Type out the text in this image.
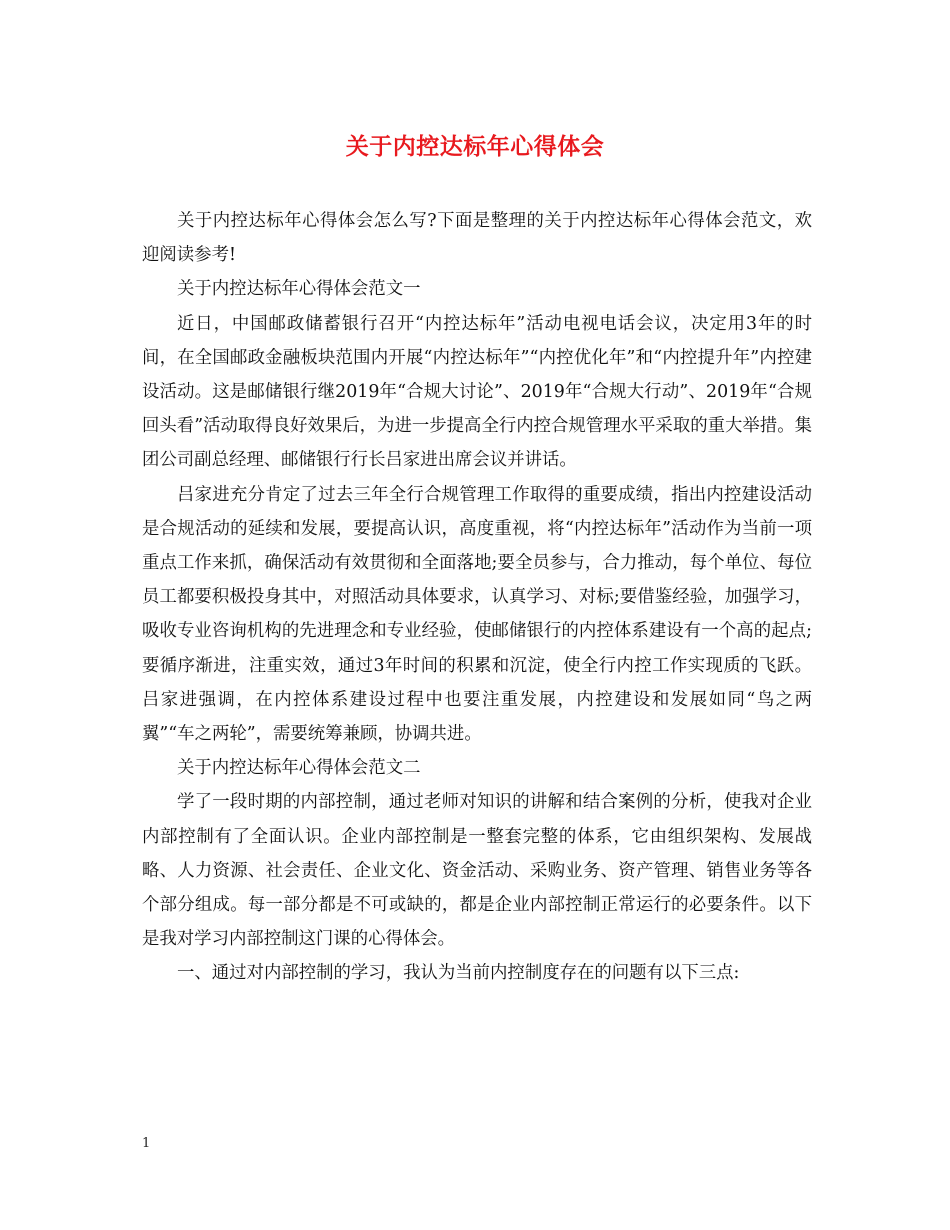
关于内控达标年心得体会

关于内控达标年心得体会怎么写?下面是整理的关于内控达标年心得体会范文，欢迎阅读参考!

关于内控达标年心得体会范文一

近日，中国邮政储蓄银行召开“内控达标年”活动电视电话会议，决定用3年的时间，在全国邮政金融板块范围内开展“内控达标年”“内控优化年”和“内控提升年”内控建设活动。这是邮储银行继2019年“合规大讨论”、2019年“合规大行动”、2019年“合规回头看”活动取得良好效果后，为进一步提高全行内控合规管理水平采取的重大举措。集团公司副总经理、邮储银行行长吕家进出席会议并讲话。

吕家进充分肯定了过去三年全行合规管理工作取得的重要成绩，指出内控建设活动是合规活动的延续和发展，要提高认识，高度重视，将“内控达标年”活动作为当前一项重点工作来抓，确保活动有效贯彻和全面落地;要全员参与，合力推动，每个单位、每位员工都要积极投身其中，对照活动具体要求，认真学习、对标;要借鉴经验，加强学习，吸收专业咨询机构的先进理念和专业经验，使邮储银行的内控体系建设有一个高的起点;要循序渐进，注重实效，通过3年时间的积累和沉淀，使全行内控工作实现质的飞跃。吕家进强调，在内控体系建设过程中也要注重发展，内控建设和发展如同“鸟之两翼”“车之两轮”，需要统筹兼顾，协调共进。

关于内控达标年心得体会范文二

学了一段时期的内部控制，通过老师对知识的讲解和结合案例的分析，使我对企业内部控制有了全面认识。企业内部控制是一整套完整的体系，它由组织架构、发展战略、人力资源、社会责任、企业文化、资金活动、采购业务、资产管理、销售业务等各个部分组成。每一部分都是不可或缺的，都是企业内部控制正常运行的必要条件。以下是我对学习内部控制这门课的心得体会。

一、通过对内部控制的学习，我认为当前内控制度存在的问题有以下三点:

1
